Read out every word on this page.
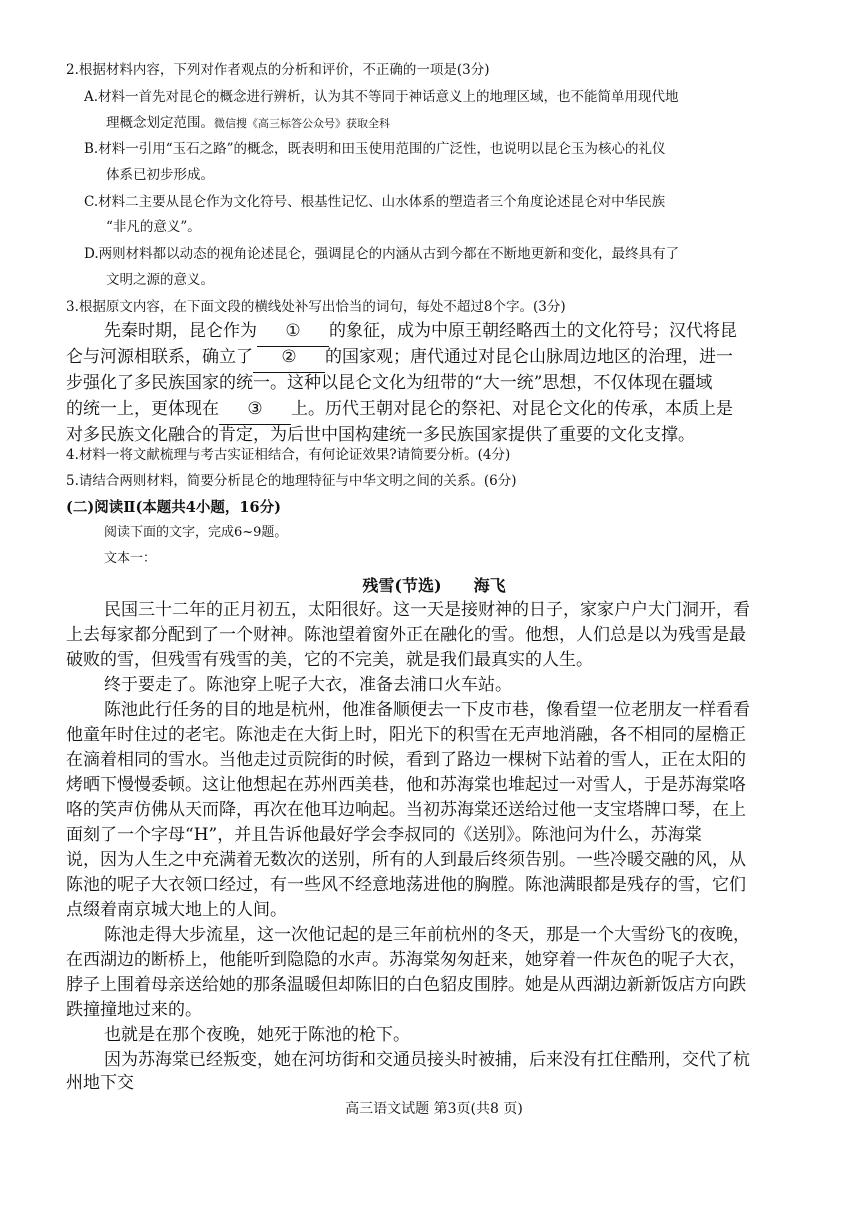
2.根据材料内容，下列对作者观点的分析和评价，不正确的一项是(3分)
A.材料一首先对昆仑的概念进行辨析，认为其不等同于神话意义上的地理区域，也不能简单用现代地
理概念划定范围。微信搜《高三标答公众号》获取全科
B.材料一引用“玉石之路”的概念，既表明和田玉使用范围的广泛性，也说明以昆仑玉为核心的礼仪
体系已初步形成。
C.材料二主要从昆仑作为文化符号、根基性记忆、山水体系的塑造者三个角度论述昆仑对中华民族
“非凡的意义”。
D.两则材料都以动态的视角论述昆仑，强调昆仑的内涵从古到今都在不断地更新和变化，最终具有了
文明之源的意义。
3.根据原文内容，在下面文段的横线处补写出恰当的词句，每处不超过8个字。(3分)
先秦时期，昆仑作为 ① 的象征，成为中原王朝经略西土的文化符号；汉代将昆
仑与河源相联系，确立了 ② 的国家观；唐代通过对昆仑山脉周边地区的治理，进一
步强化了多民族国家的统一。这种以昆仑文化为纽带的“大一统”思想，不仅体现在疆域
的统一上，更体现在 ③ 上。历代王朝对昆仑的祭祀、对昆仑文化的传承，本质上是
对多民族文化融合的肯定，为后世中国构建统一多民族国家提供了重要的文化支撑。
4.材料一将文献梳理与考古实证相结合，有何论证效果?请简要分析。(4分)
5.请结合两则材料，简要分析昆仑的地理特征与中华文明之间的关系。(6分)
(二)阅读Ⅱ(本题共4小题，16分)
阅读下面的文字，完成6~9题。
文本一：
残雪(节选)　　海飞
民国三十二年的正月初五，太阳很好。这一天是接财神的日子，家家户户大门洞开，看
上去每家都分配到了一个财神。陈池望着窗外正在融化的雪。他想，人们总是以为残雪是最
破败的雪，但残雪有残雪的美，它的不完美，就是我们最真实的人生。
终于要走了。陈池穿上呢子大衣，准备去浦口火车站。
陈池此行任务的目的地是杭州，他准备顺便去一下皮市巷，像看望一位老朋友一样看看
他童年时住过的老宅。陈池走在大街上时，阳光下的积雪在无声地消融，各不相同的屋檐正
在滴着相同的雪水。当他走过贡院街的时候，看到了路边一棵树下站着的雪人，正在太阳的
烤晒下慢慢委顿。这让他想起在苏州西美巷，他和苏海棠也堆起过一对雪人，于是苏海棠咯
咯的笑声仿佛从天而降，再次在他耳边响起。当初苏海棠还送给过他一支宝塔牌口琴，在上
面刻了一个字母“H”，并且告诉他最好学会李叔同的《送别》。陈池问为什么，苏海棠
说，因为人生之中充满着无数次的送别，所有的人到最后终须告别。一些冷暖交融的风，从
陈池的呢子大衣领口经过，有一些风不经意地荡进他的胸膛。陈池满眼都是残存的雪，它们
点缀着南京城大地上的人间。
陈池走得大步流星，这一次他记起的是三年前杭州的冬天，那是一个大雪纷飞的夜晚，
在西湖边的断桥上，他能听到隐隐的水声。苏海棠匆匆赶来，她穿着一件灰色的呢子大衣，
脖子上围着母亲送给她的那条温暖但却陈旧的白色貂皮围脖。她是从西湖边新新饭店方向跌
跌撞撞地过来的。
也就是在那个夜晚，她死于陈池的枪下。
因为苏海棠已经叛变，她在河坊街和交通员接头时被捕，后来没有扛住酷刑，交代了杭
州地下交
高三语文试题 第3页(共8 页)
